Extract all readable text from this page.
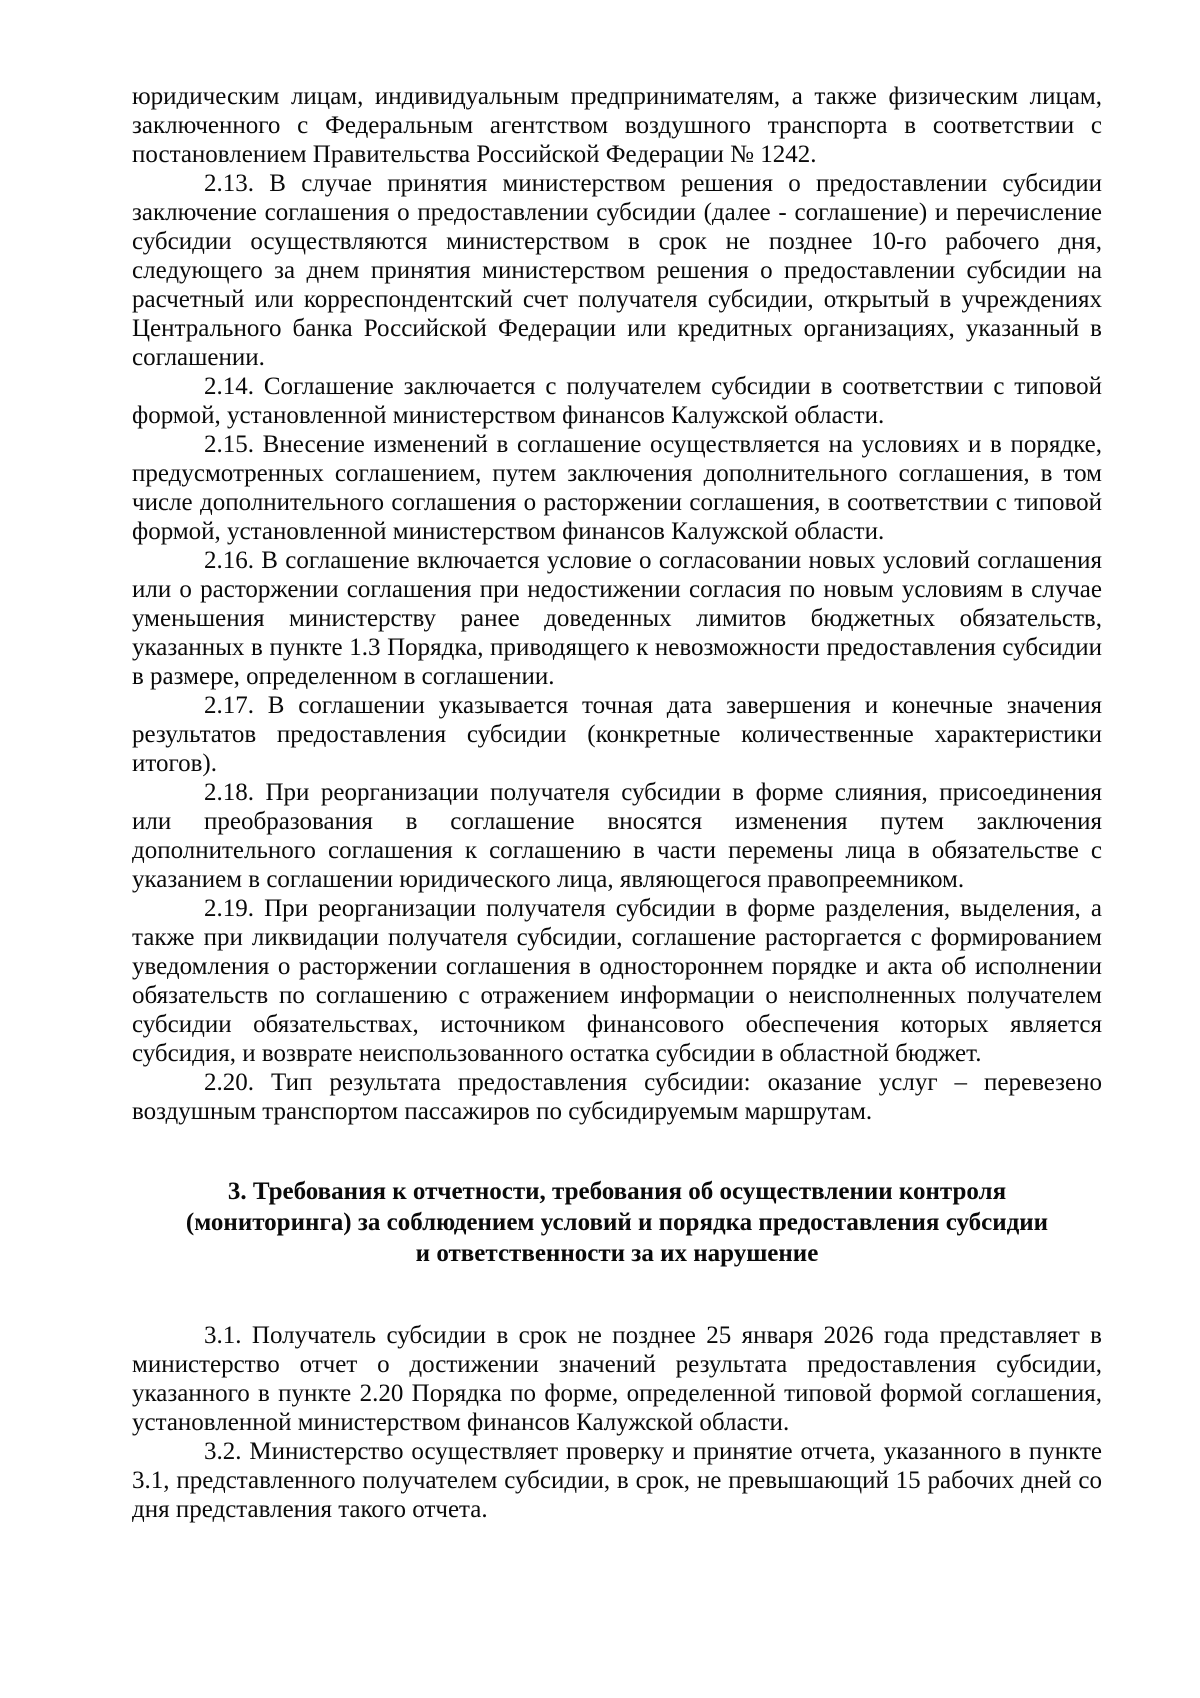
юридическим лицам, индивидуальным предпринимателям, а также физическим лицам, заключенного с Федеральным агентством воздушного транспорта в соответствии с постановлением Правительства Российской Федерации № 1242.

2.13. В случае принятия министерством решения о предоставлении субсидии заключение соглашения о предоставлении субсидии (далее - соглашение) и перечисление субсидии осуществляются министерством в срок не позднее 10-го рабочего дня, следующего за днем принятия министерством решения о предоставлении субсидии на расчетный или корреспондентский счет получателя субсидии, открытый в учреждениях Центрального банка Российской Федерации или кредитных организациях, указанный в соглашении.

2.14. Соглашение заключается с получателем субсидии в соответствии с типовой формой, установленной министерством финансов Калужской области.

2.15. Внесение изменений в соглашение осуществляется на условиях и в порядке, предусмотренных соглашением, путем заключения дополнительного соглашения, в том числе дополнительного соглашения о расторжении соглашения, в соответствии с типовой формой, установленной министерством финансов Калужской области.

2.16. В соглашение включается условие о согласовании новых условий соглашения или о расторжении соглашения при недостижении согласия по новым условиям в случае уменьшения министерству ранее доведенных лимитов бюджетных обязательств, указанных в пункте 1.3 Порядка, приводящего к невозможности предоставления субсидии в размере, определенном в соглашении.

2.17. В соглашении указывается точная дата завершения и конечные значения результатов предоставления субсидии (конкретные количественные характеристики итогов).

2.18. При реорганизации получателя субсидии в форме слияния, присоединения или преобразования в соглашение вносятся изменения путем заключения дополнительного соглашения к соглашению в части перемены лица в обязательстве с указанием в соглашении юридического лица, являющегося правопреемником.

2.19. При реорганизации получателя субсидии в форме разделения, выделения, а также при ликвидации получателя субсидии, соглашение расторгается с формированием уведомления о расторжении соглашения в одностороннем порядке и акта об исполнении обязательств по соглашению с отражением информации о неисполненных получателем субсидии обязательствах, источником финансового обеспечения которых является субсидия, и возврате неиспользованного остатка субсидии в областной бюджет.

2.20. Тип результата предоставления субсидии: оказание услуг – перевезено воздушным транспортом пассажиров по субсидируемым маршрутам.

3. Требования к отчетности, требования об осуществлении контроля
(мониторинга) за соблюдением условий и порядка предоставления субсидии
и ответственности за их нарушение

3.1. Получатель субсидии в срок не позднее 25 января 2026 года представляет в министерство отчет о достижении значений результата предоставления субсидии, указанного в пункте 2.20 Порядка по форме, определенной типовой формой соглашения, установленной министерством финансов Калужской области.

3.2. Министерство осуществляет проверку и принятие отчета, указанного в пункте 3.1, представленного получателем субсидии, в срок, не превышающий 15 рабочих дней со дня представления такого отчета.
